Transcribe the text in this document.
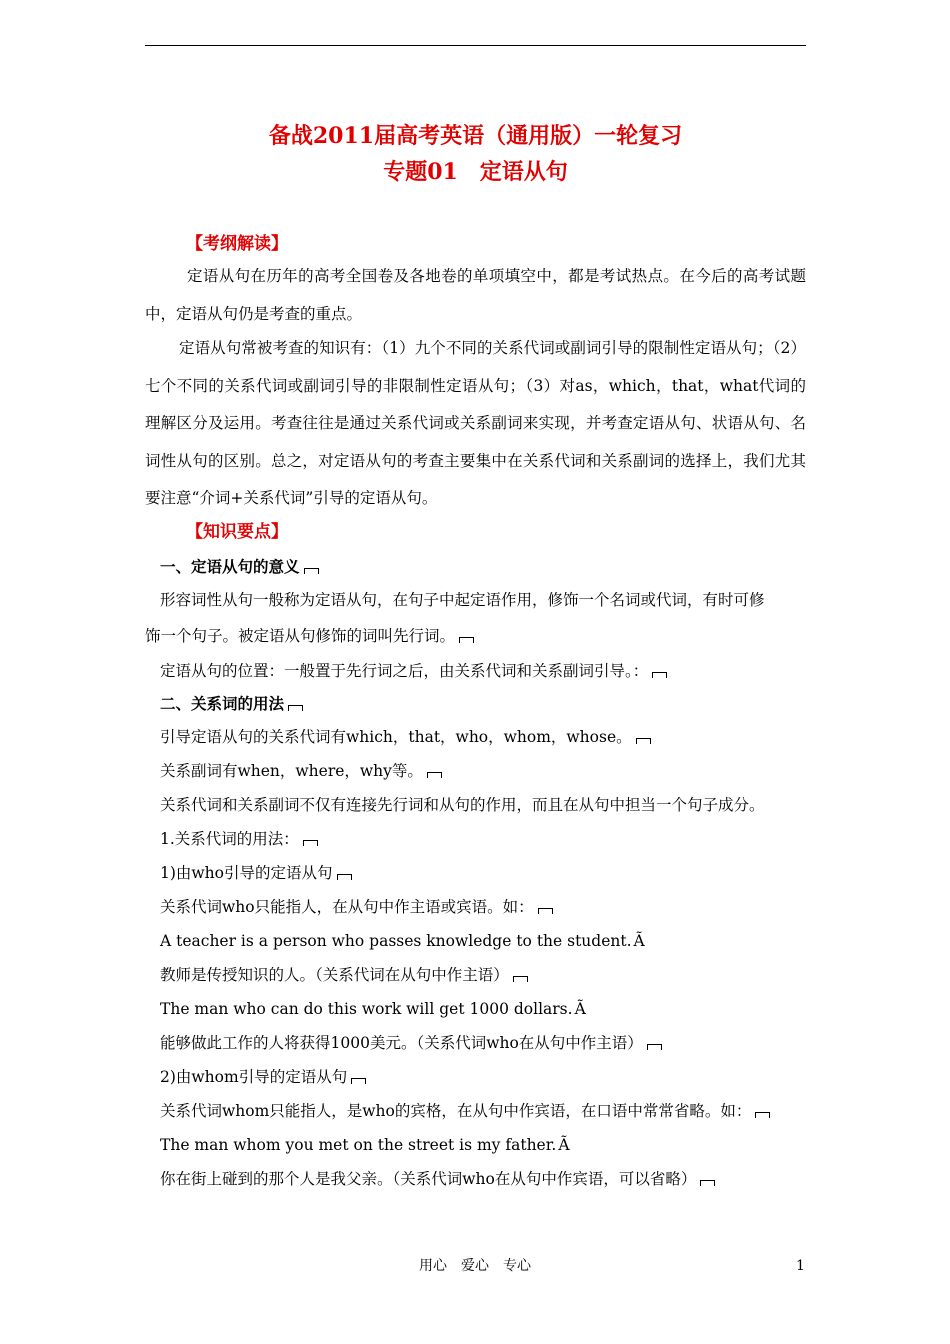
备战2011届高考英语（通用版）一轮复习
专题01　定语从句
【考纲解读】
定语从句在历年的高考全国卷及各地卷的单项填空中，都是考试热点。在今后的高考试题中，定语从句仍是考查的重点。
定语从句常被考查的知识有：（1）九个不同的关系代词或副词引导的限制性定语从句；（2）七个不同的关系代词或副词引导的非限制性定语从句；（3）对as，which，that，what代词的理解区分及运用。考查往往是通过关系代词或关系副词来实现，并考查定语从句、状语从句、名词性从句的区别。总之，对定语从句的考查主要集中在关系代词和关系副词的选择上，我们尤其要注意“介词+关系代词”引导的定语从句。
【知识要点】
一、定语从句的意义
形容词性从句一般称为定语从句，在句子中起定语作用，修饰一个名词或代词，有时可修
饰一个句子。被定语从句修饰的词叫先行词。
定语从句的位置：一般置于先行词之后，由关系代词和关系副词引导。：
二、关系词的用法
引导定语从句的关系代词有which，that，who，whom，whose。
关系副词有when，where，why等。
关系代词和关系副词不仅有连接先行词和从句的作用，而且在从句中担当一个句子成分。
1.关系代词的用法：
1)由who引导的定语从句
关系代词who只能指人，在从句中作主语或宾语。如：
A teacher is a person who passes knowledge to the student. Ã
教师是传授知识的人。（关系代词在从句中作主语）
The man who can do this work will get 1000 dollars. Ã
能够做此工作的人将获得1000美元。（关系代词who在从句中作主语）
2)由whom引导的定语从句
关系代词whom只能指人，是who的宾格，在从句中作宾语，在口语中常常省略。如：
The man whom you met on the street is my father. Ã
你在街上碰到的那个人是我父亲。（关系代词who在从句中作宾语，可以省略）
用心　爱心　专心	1
